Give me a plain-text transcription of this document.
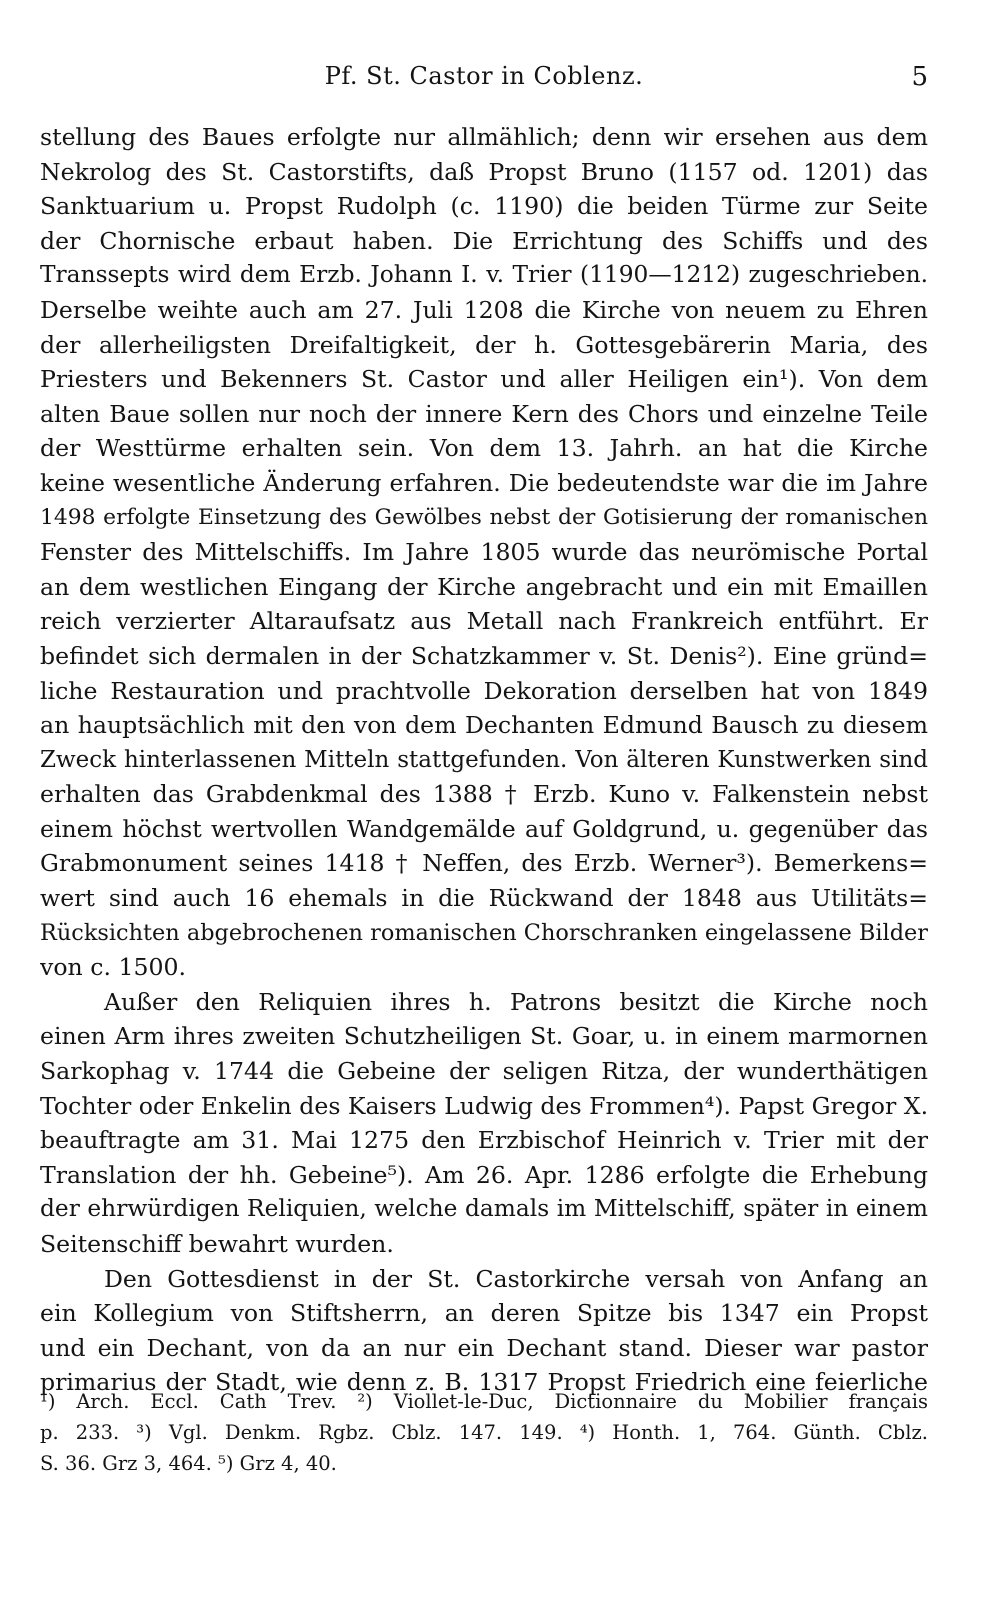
Pf. St. Castor in Coblenz.	5
stellung des Baues erfolgte nur allmählich; denn wir ersehen aus dem
Nekrolog des St. Castorstifts, daß Propst Bruno (1157 od. 1201) das
Sanktuarium u. Propst Rudolph (c. 1190) die beiden Türme zur Seite
der Chornische erbaut haben. Die Errichtung des Schiffs und des
Transsepts wird dem Erzb. Johann I. v. Trier (1190—1212) zugeschrieben.
Derselbe weihte auch am 27. Juli 1208 die Kirche von neuem zu Ehren
der allerheiligsten Dreifaltigkeit, der h. Gottesgebärerin Maria, des
Priesters und Bekenners St. Castor und aller Heiligen ein¹). Von dem
alten Baue sollen nur noch der innere Kern des Chors und einzelne Teile
der Westtürme erhalten sein. Von dem 13. Jahrh. an hat die Kirche
keine wesentliche Änderung erfahren. Die bedeutendste war die im Jahre
1498 erfolgte Einsetzung des Gewölbes nebst der Gotisierung der romanischen
Fenster des Mittelschiffs. Im Jahre 1805 wurde das neurömische Portal
an dem westlichen Eingang der Kirche angebracht und ein mit Emaillen
reich verzierter Altaraufsatz aus Metall nach Frankreich entführt. Er
befindet sich dermalen in der Schatzkammer v. St. Denis²). Eine gründ=
liche Restauration und prachtvolle Dekoration derselben hat von 1849
an hauptsächlich mit den von dem Dechanten Edmund Bausch zu diesem
Zweck hinterlassenen Mitteln stattgefunden. Von älteren Kunstwerken sind
erhalten das Grabdenkmal des 1388 † Erzb. Kuno v. Falkenstein nebst
einem höchst wertvollen Wandgemälde auf Goldgrund, u. gegenüber das
Grabmonument seines 1418 † Neffen, des Erzb. Werner³). Bemerkens=
wert sind auch 16 ehemals in die Rückwand der 1848 aus Utilitäts=
Rücksichten abgebrochenen romanischen Chorschranken eingelassene Bilder
von c. 1500.
Außer den Reliquien ihres h. Patrons besitzt die Kirche noch
einen Arm ihres zweiten Schutzheiligen St. Goar, u. in einem marmornen
Sarkophag v. 1744 die Gebeine der seligen Ritza, der wunderthätigen
Tochter oder Enkelin des Kaisers Ludwig des Frommen⁴). Papst Gregor X.
beauftragte am 31. Mai 1275 den Erzbischof Heinrich v. Trier mit der
Translation der hh. Gebeine⁵). Am 26. Apr. 1286 erfolgte die Erhebung
der ehrwürdigen Reliquien, welche damals im Mittelschiff, später in einem
Seitenschiff bewahrt wurden.
Den Gottesdienst in der St. Castorkirche versah von Anfang an
ein Kollegium von Stiftsherrn, an deren Spitze bis 1347 ein Propst
und ein Dechant, von da an nur ein Dechant stand. Dieser war pastor
primarius der Stadt, wie denn z. B. 1317 Propst Friedrich eine feierliche
¹) Arch. Eccl. Cath Trev. ²) Viollet-le-Duc, Dictionnaire du Mobilier français
p. 233. ³) Vgl. Denkm. Rgbz. Cblz. 147. 149. ⁴) Honth. 1, 764. Günth. Cblz.
S. 36. Grz 3, 464. ⁵) Grz 4, 40.
